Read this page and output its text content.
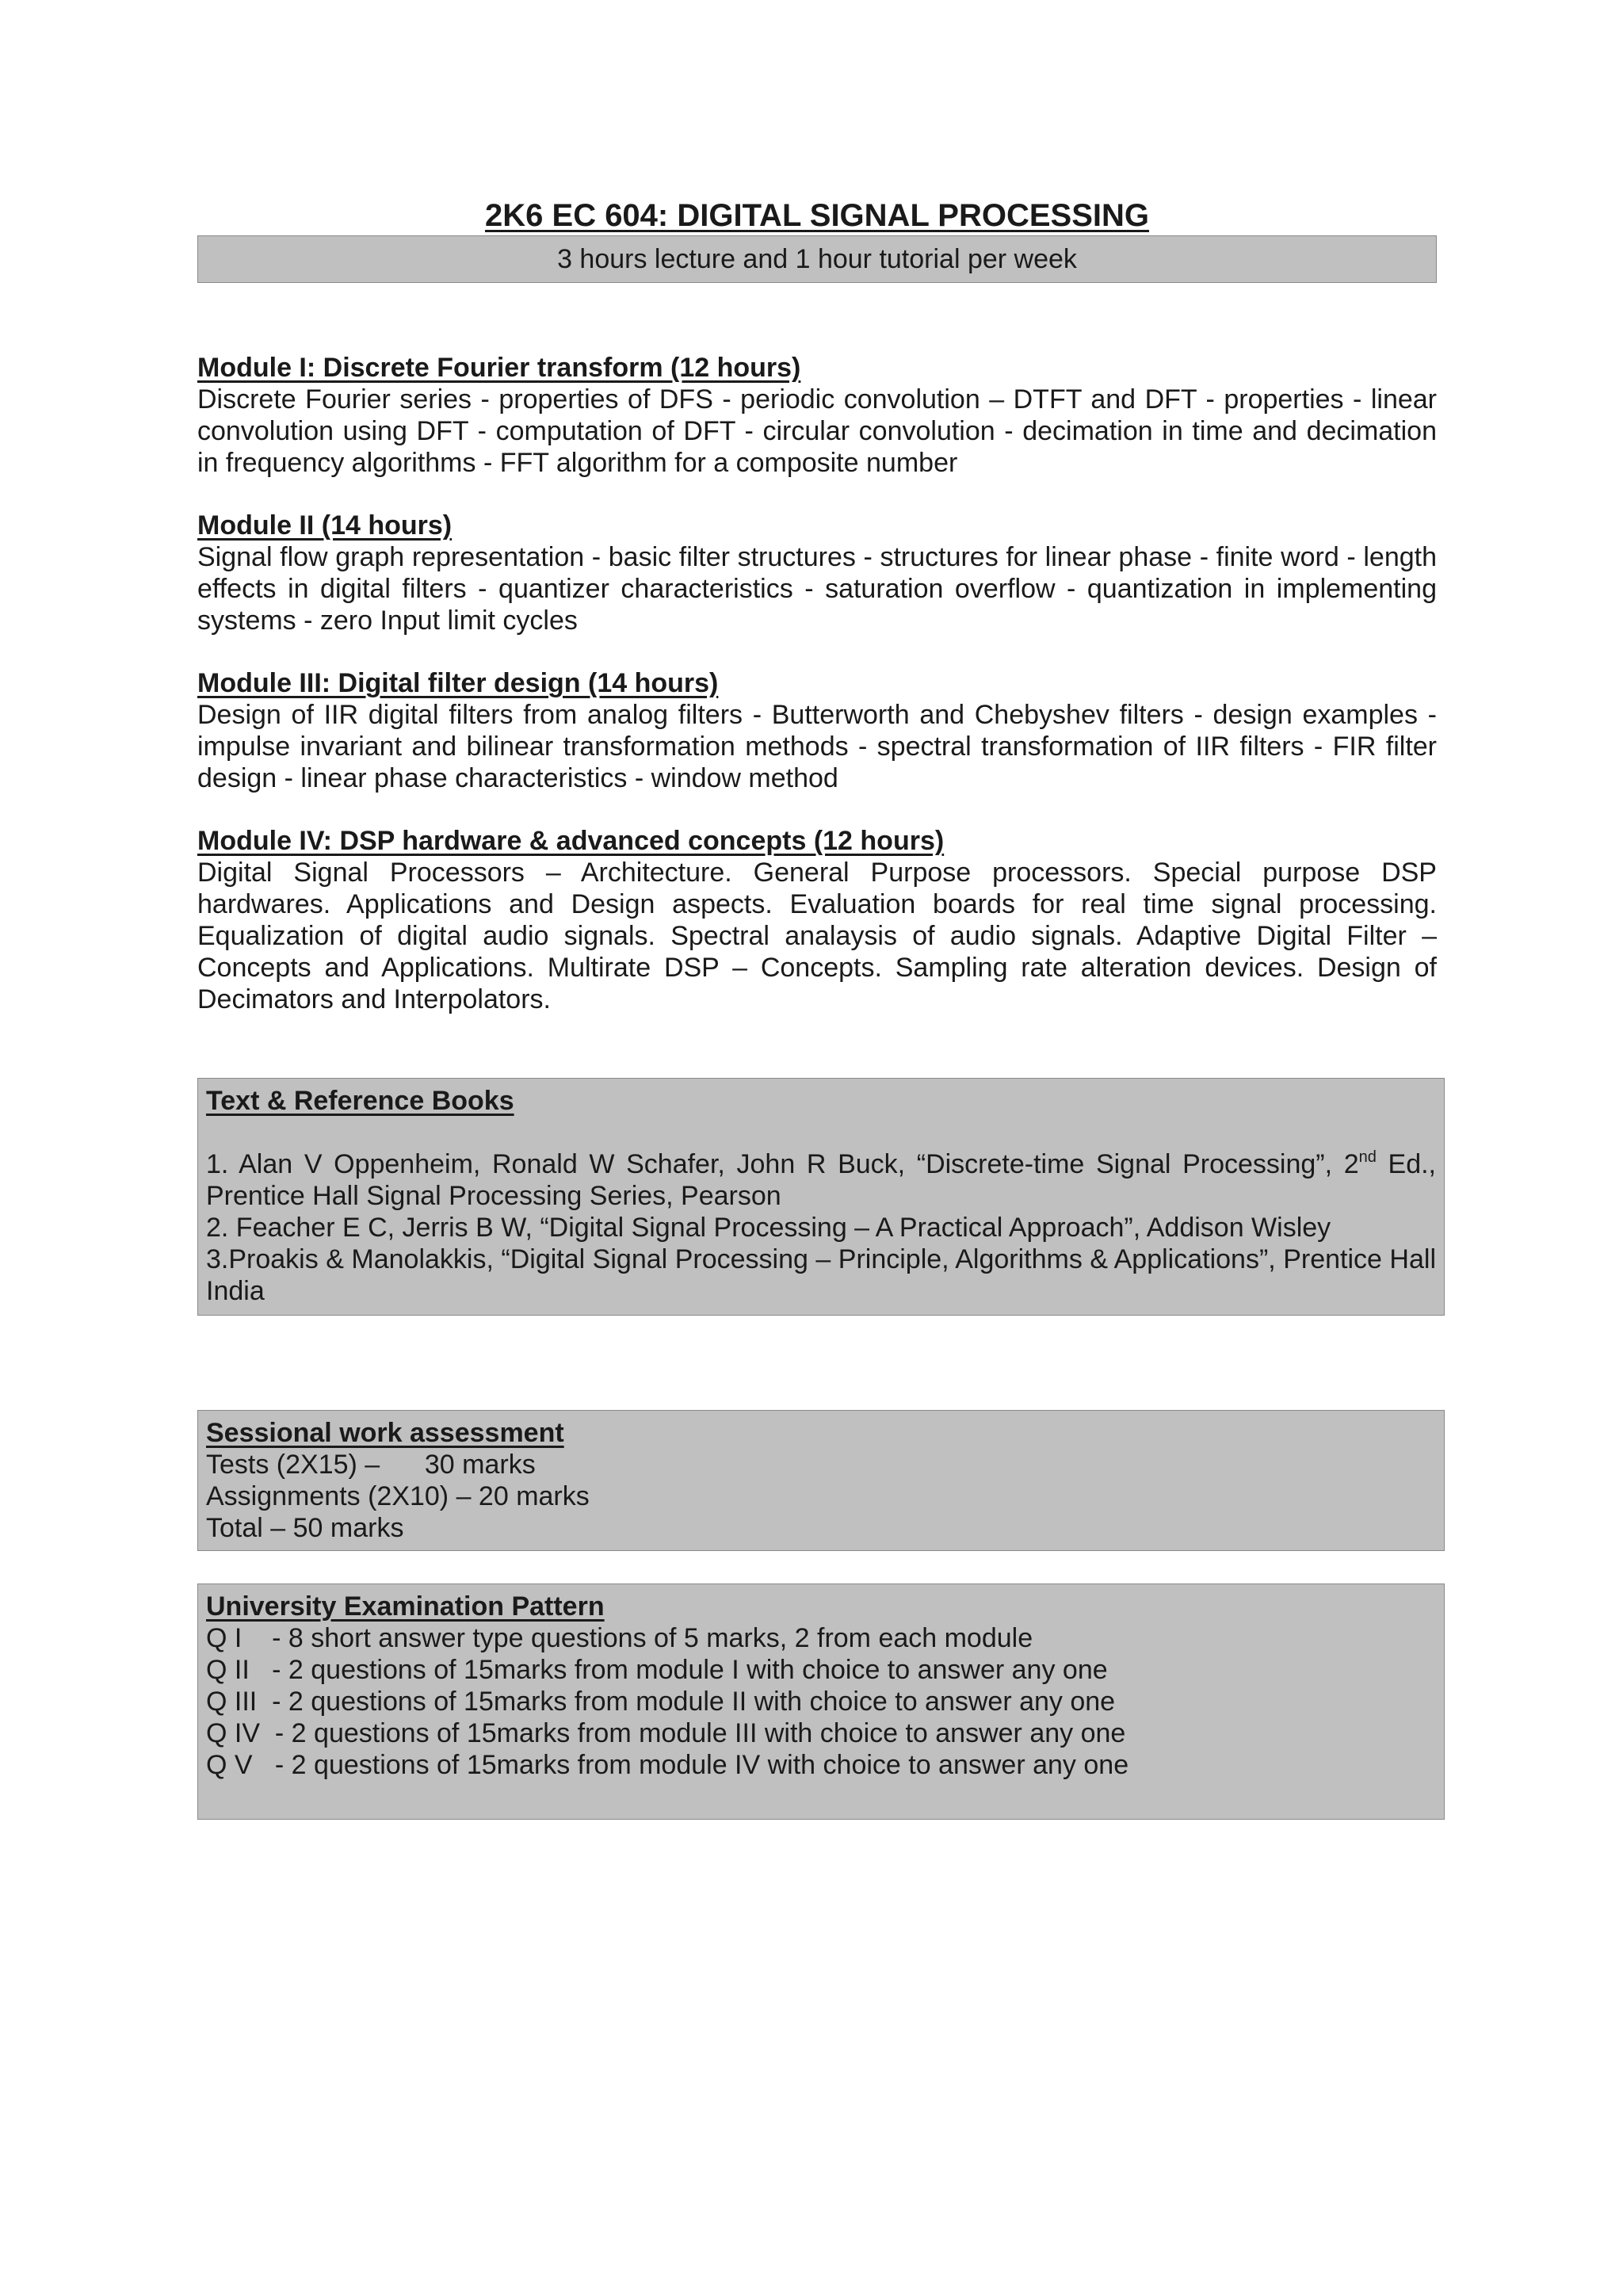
2K6 EC 604: DIGITAL SIGNAL PROCESSING
3 hours lecture and 1 hour tutorial per week
Module I: Discrete Fourier transform (12 hours)
Discrete Fourier series - properties of DFS - periodic convolution – DTFT and DFT - properties - linear convolution using DFT - computation of DFT - circular convolution - decimation in time and decimation in frequency algorithms - FFT algorithm for a composite number
Module II (14 hours)
Signal flow graph representation - basic filter structures - structures for linear phase - finite word - length effects in digital filters - quantizer characteristics - saturation overflow - quantization in implementing systems - zero Input limit cycles
Module III: Digital filter design (14 hours)
Design of IIR digital filters from analog filters - Butterworth and Chebyshev filters - design examples - impulse invariant and bilinear transformation methods - spectral transformation of IIR filters - FIR filter design - linear phase characteristics - window method
Module IV: DSP hardware & advanced concepts (12 hours)
Digital Signal Processors – Architecture. General Purpose processors. Special purpose DSP hardwares. Applications and Design aspects. Evaluation boards for real time signal processing. Equalization of digital audio signals. Spectral analaysis of audio signals. Adaptive Digital Filter – Concepts and Applications. Multirate DSP – Concepts. Sampling rate alteration devices. Design of Decimators and Interpolators.
Text & Reference Books
1. Alan V Oppenheim, Ronald W Schafer, John R Buck, “Discrete-time Signal Processing”, 2nd Ed., Prentice Hall Signal Processing Series, Pearson
2. Feacher E C, Jerris B W, “Digital Signal Processing – A Practical Approach”, Addison Wisley
3.Proakis & Manolakkis, “Digital Signal Processing – Principle, Algorithms & Applications”, Prentice Hall India
Sessional work assessment
Tests (2X15) –      30 marks
Assignments (2X10) – 20 marks
Total – 50 marks
University Examination Pattern
Q I    - 8 short answer type questions of 5 marks, 2 from each module
Q II   - 2 questions of 15marks from module I with choice to answer any one
Q III  - 2 questions of 15marks from module II with choice to answer any one
Q IV  - 2 questions of 15marks from module III with choice to answer any one
Q V   - 2 questions of 15marks from module IV with choice to answer any one
